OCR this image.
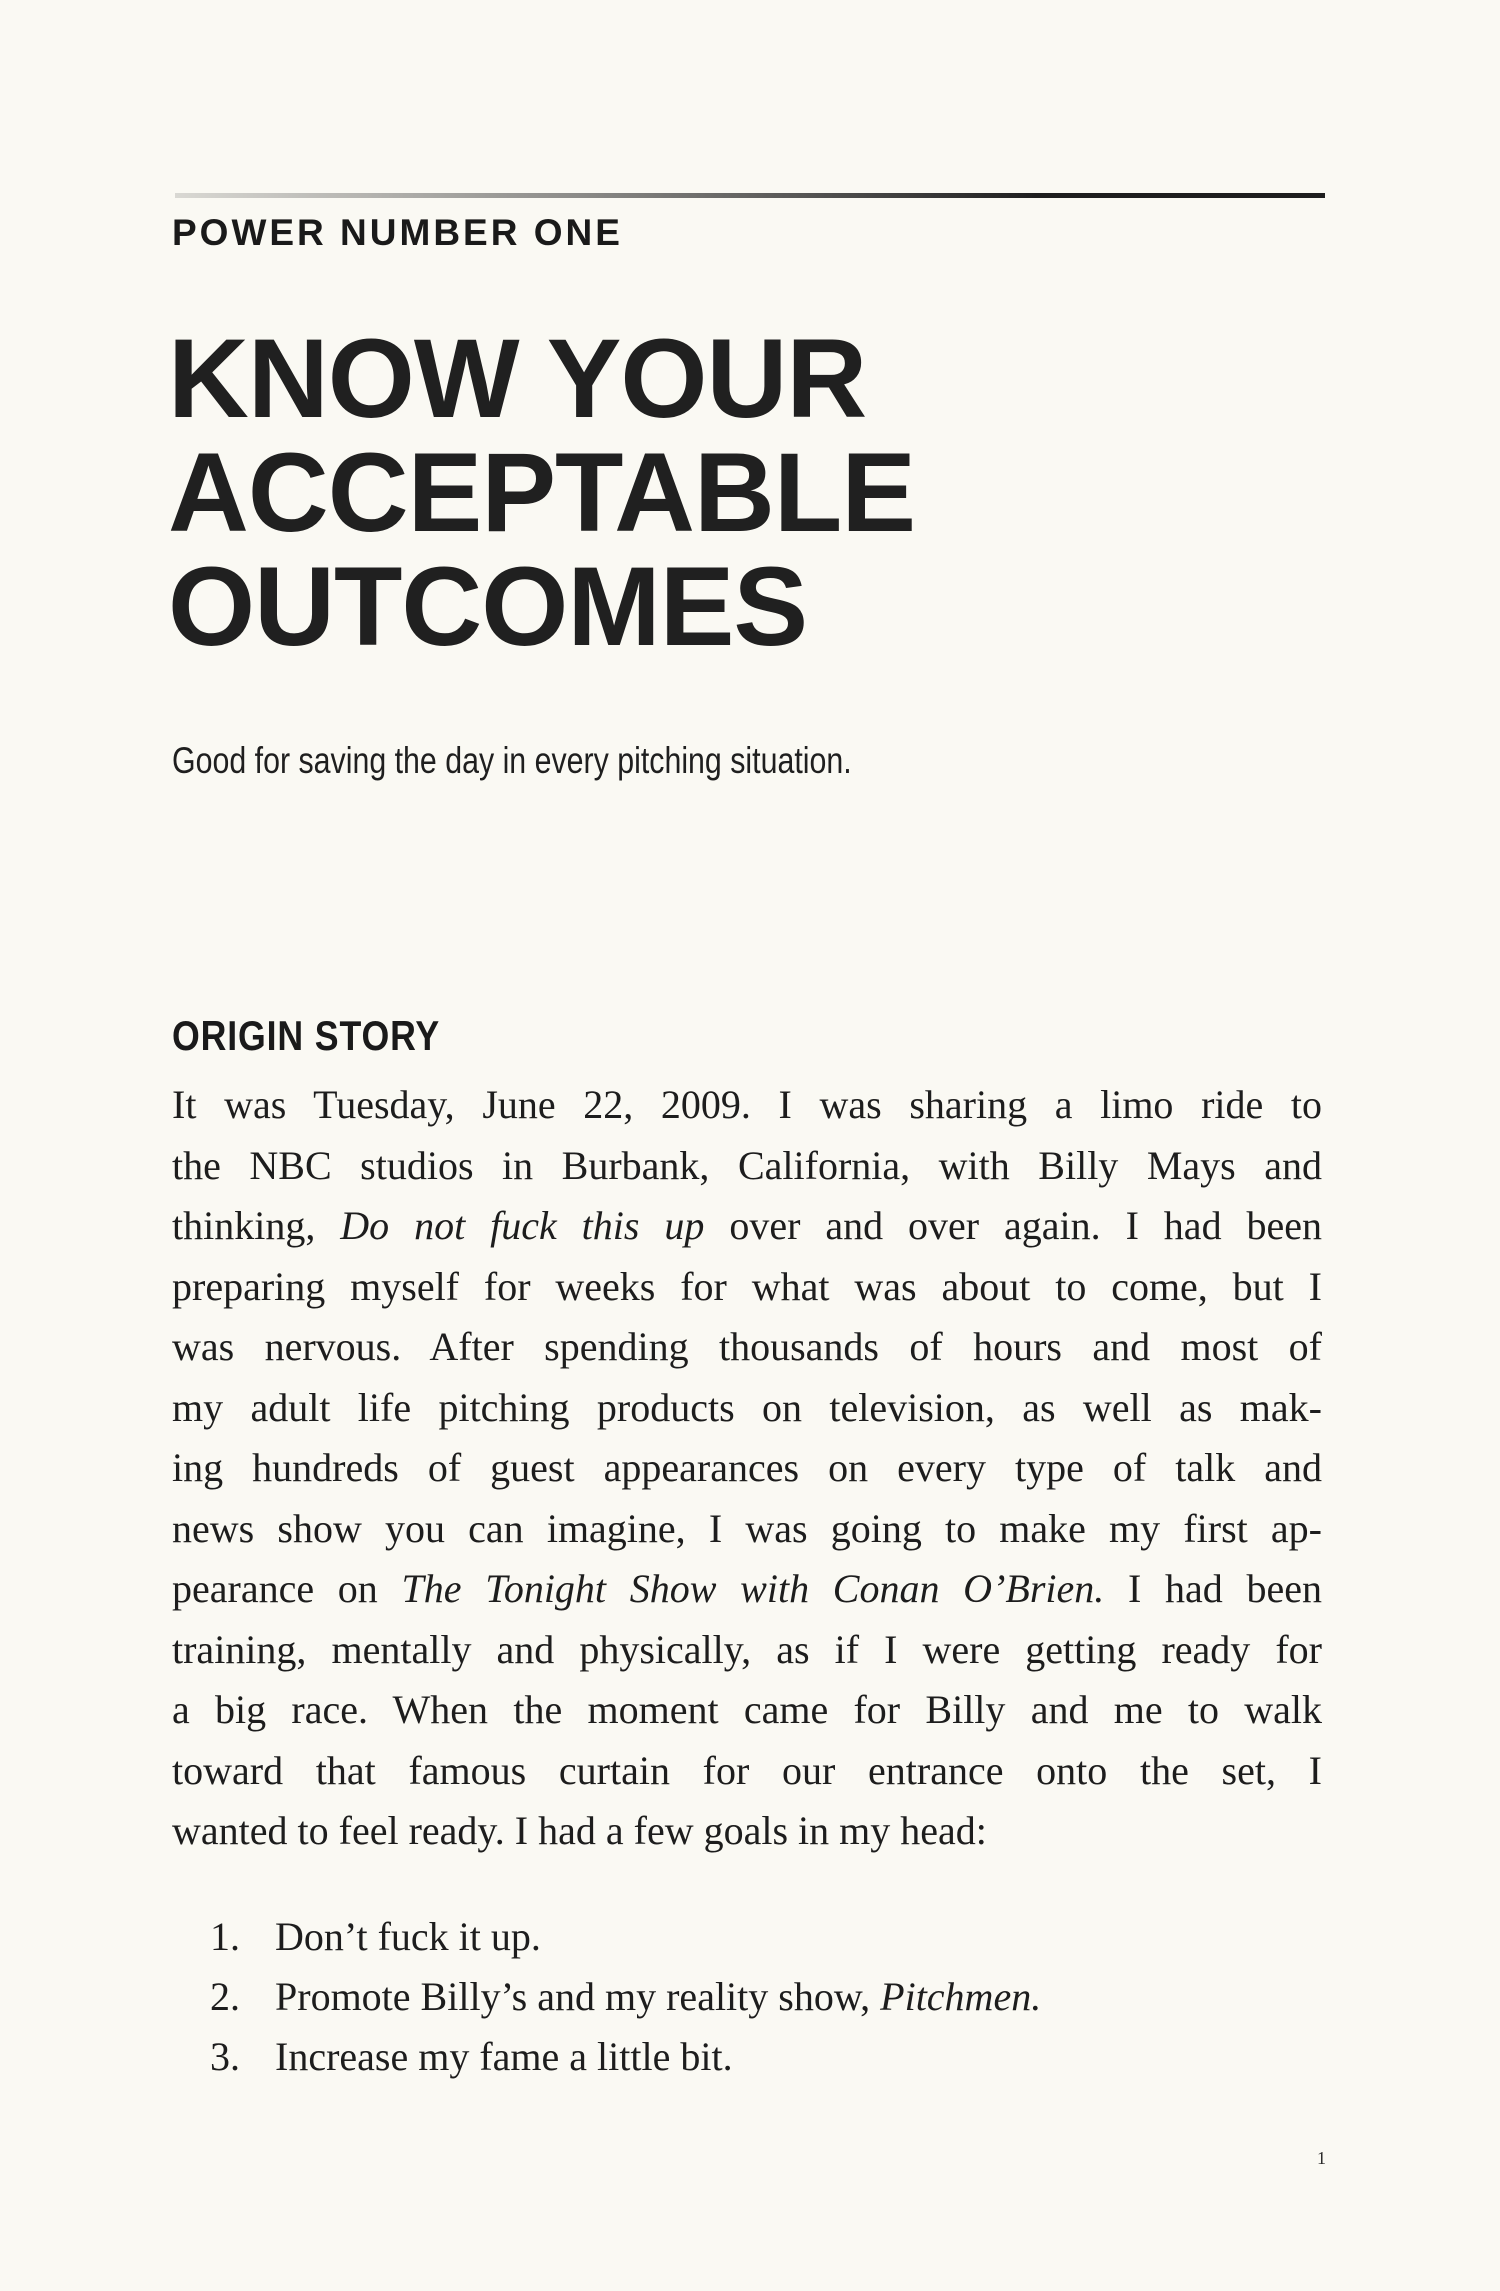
POWER NUMBER ONE
KNOW YOUR
ACCEPTABLE
OUTCOMES
Good for saving the day in every pitching situation.
ORIGIN STORY
It was Tuesday, June 22, 2009. I was sharing a limo ride to
the NBC studios in Burbank, California, with Billy Mays and
thinking, Do not fuck this up over and over again. I had been
preparing myself for weeks for what was about to come, but I
was nervous. After spending thousands of hours and most of
my adult life pitching products on television, as well as mak-
ing hundreds of guest appearances on every type of talk and
news show you can imagine, I was going to make my first ap-
pearance on The Tonight Show with Conan O’Brien. I had been
training, mentally and physically, as if I were getting ready for
a big race. When the moment came for Billy and me to walk
toward that famous curtain for our entrance onto the set, I
wanted to feel ready. I had a few goals in my head:
1. Don’t fuck it up.
2. Promote Billy’s and my reality show, Pitchmen.
3. Increase my fame a little bit.
1
